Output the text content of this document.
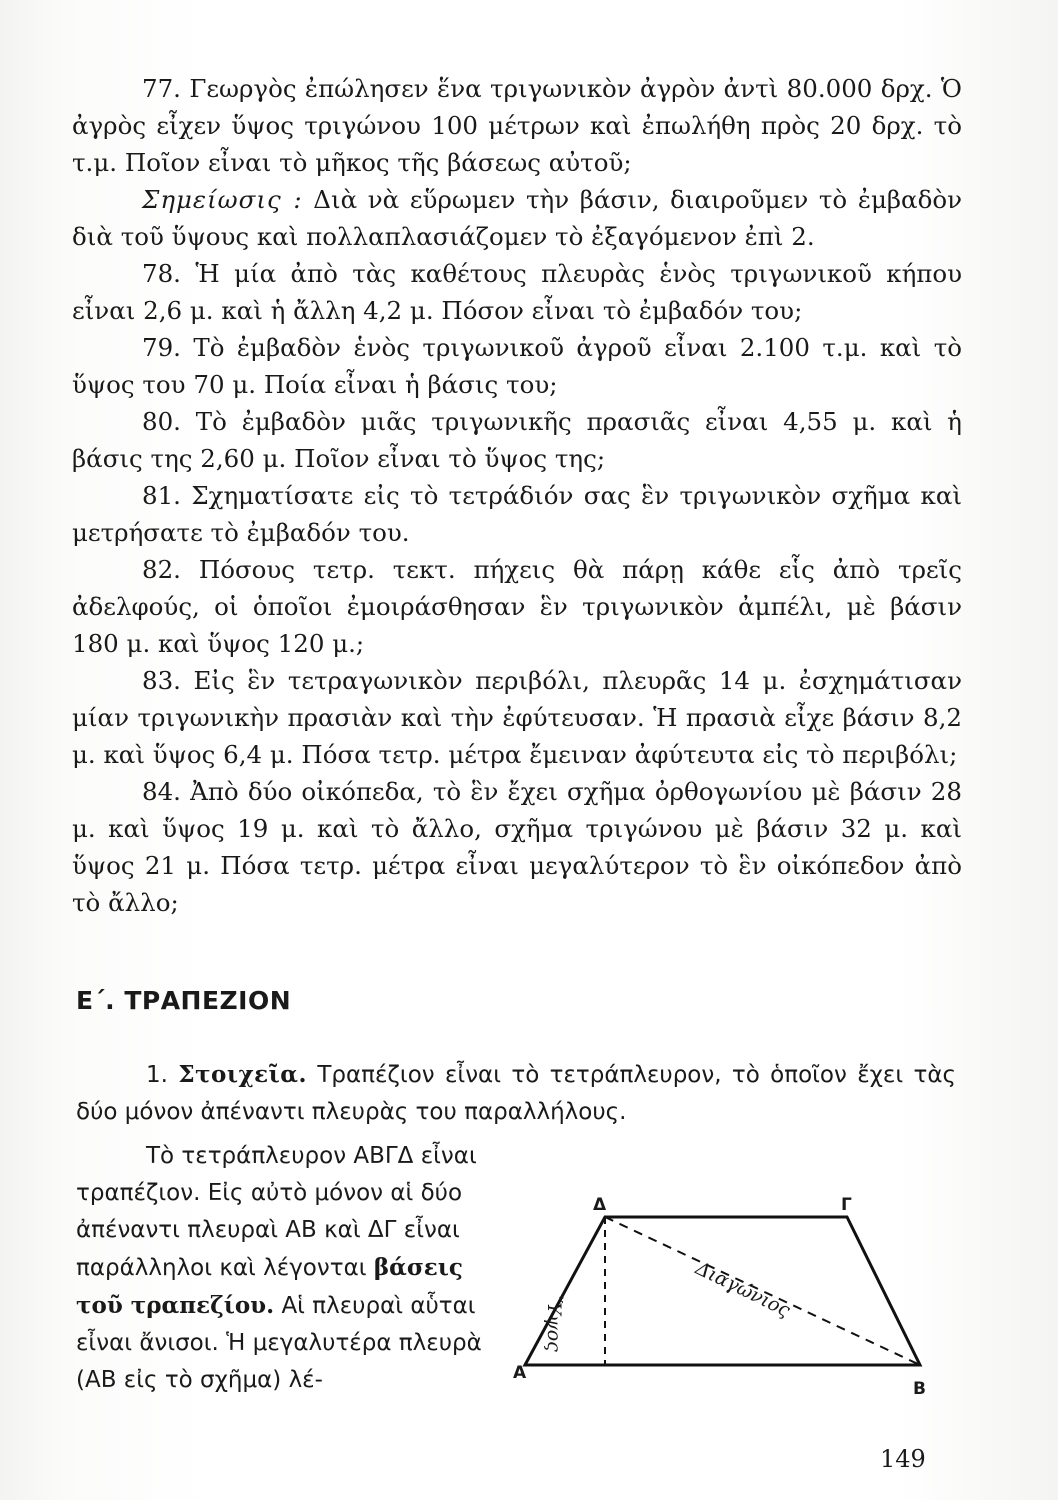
77. Γεωργὸς ἐπώλησεν ἕνα τριγωνικὸν ἀγρὸν ἀντὶ 80.000 δρχ. Ὁ ἀγρὸς εἶχεν ὕψος τριγώνου 100 μέτρων καὶ ἐπωλήθη πρὸς 20 δρχ. τὸ τ.μ. Ποῖον εἶναι τὸ μῆκος τῆς βάσεως αὐτοῦ;

Σημείωσις : Διὰ νὰ εὕρωμεν τὴν βάσιν, διαιροῦμεν τὸ ἐμβαδὸν διὰ τοῦ ὕψους καὶ πολλαπλασιάζομεν τὸ ἐξαγόμενον ἐπὶ 2.

78. Ἡ μία ἀπὸ τὰς καθέτους πλευρὰς ἑνὸς τριγωνικοῦ κήπου εἶναι 2,6 μ. καὶ ἡ ἄλλη 4,2 μ. Πόσον εἶναι τὸ ἐμβαδόν του;

79. Τὸ ἐμβαδὸν ἑνὸς τριγωνικοῦ ἀγροῦ εἶναι 2.100 τ.μ. καὶ τὸ ὕψος του 70 μ. Ποία εἶναι ἡ βάσις του;

80. Τὸ ἐμβαδὸν μιᾶς τριγωνικῆς πρασιᾶς εἶναι 4,55 μ. καὶ ἡ βάσις της 2,60 μ. Ποῖον εἶναι τὸ ὕψος της;

81. Σχηματίσατε εἰς τὸ τετράδιόν σας ἓν τριγωνικὸν σχῆμα καὶ μετρήσατε τὸ ἐμβαδόν του.

82. Πόσους τετρ. τεκτ. πήχεις θὰ πάρῃ κάθε εἷς ἀπὸ τρεῖς ἀδελφούς, οἱ ὁποῖοι ἐμοιράσθησαν ἓν τριγωνικὸν ἀμπέλι, μὲ βάσιν 180 μ. καὶ ὕψος 120 μ.;

83. Εἰς ἓν τετραγωνικὸν περιβόλι, πλευρᾶς 14 μ. ἐσχημάτισαν μίαν τριγωνικὴν πρασιὰν καὶ τὴν ἐφύτευσαν. Ἡ πρασιὰ εἶχε βάσιν 8,2 μ. καὶ ὕψος 6,4 μ. Πόσα τετρ. μέτρα ἔμειναν ἀφύτευτα εἰς τὸ περιβόλι;

84. Ἀπὸ δύο οἰκόπεδα, τὸ ἓν ἔχει σχῆμα ὀρθογωνίου μὲ βάσιν 28 μ. καὶ ὕψος 19 μ. καὶ τὸ ἄλλο, σχῆμα τριγώνου μὲ βάσιν 32 μ. καὶ ὕψος 21 μ. Πόσα τετρ. μέτρα εἶναι μεγαλύτερον τὸ ἓν οἰκόπεδον ἀπὸ τὸ ἄλλο;

Ε΄. ΤΡΑΠΕΖΙΟΝ

1. Στοιχεῖα. Τραπέζιον εἶναι τὸ τετράπλευρον, τὸ ὁποῖον ἔχει τὰς δύο μόνον ἀπέναντι πλευρὰς του παραλλήλους.

Τὸ τετράπλευρον ΑΒΓΔ εἶναι τραπέζιον. Εἰς αὐτὸ μόνον αἱ δύο ἀπέναντι πλευραὶ ΑΒ καὶ ΔΓ εἶναι παράλληλοι καὶ λέγονται βάσεις τοῦ τραπεζίου. Αἱ πλευραὶ αὗται εἶναι ἄνισοι. Ἡ μεγαλυτέρα πλευρὰ (ΑΒ εἰς τὸ σχῆμα) λέ-	Α
Β
Γ
Δ
Ὕψος
Διαγώνιος

149
